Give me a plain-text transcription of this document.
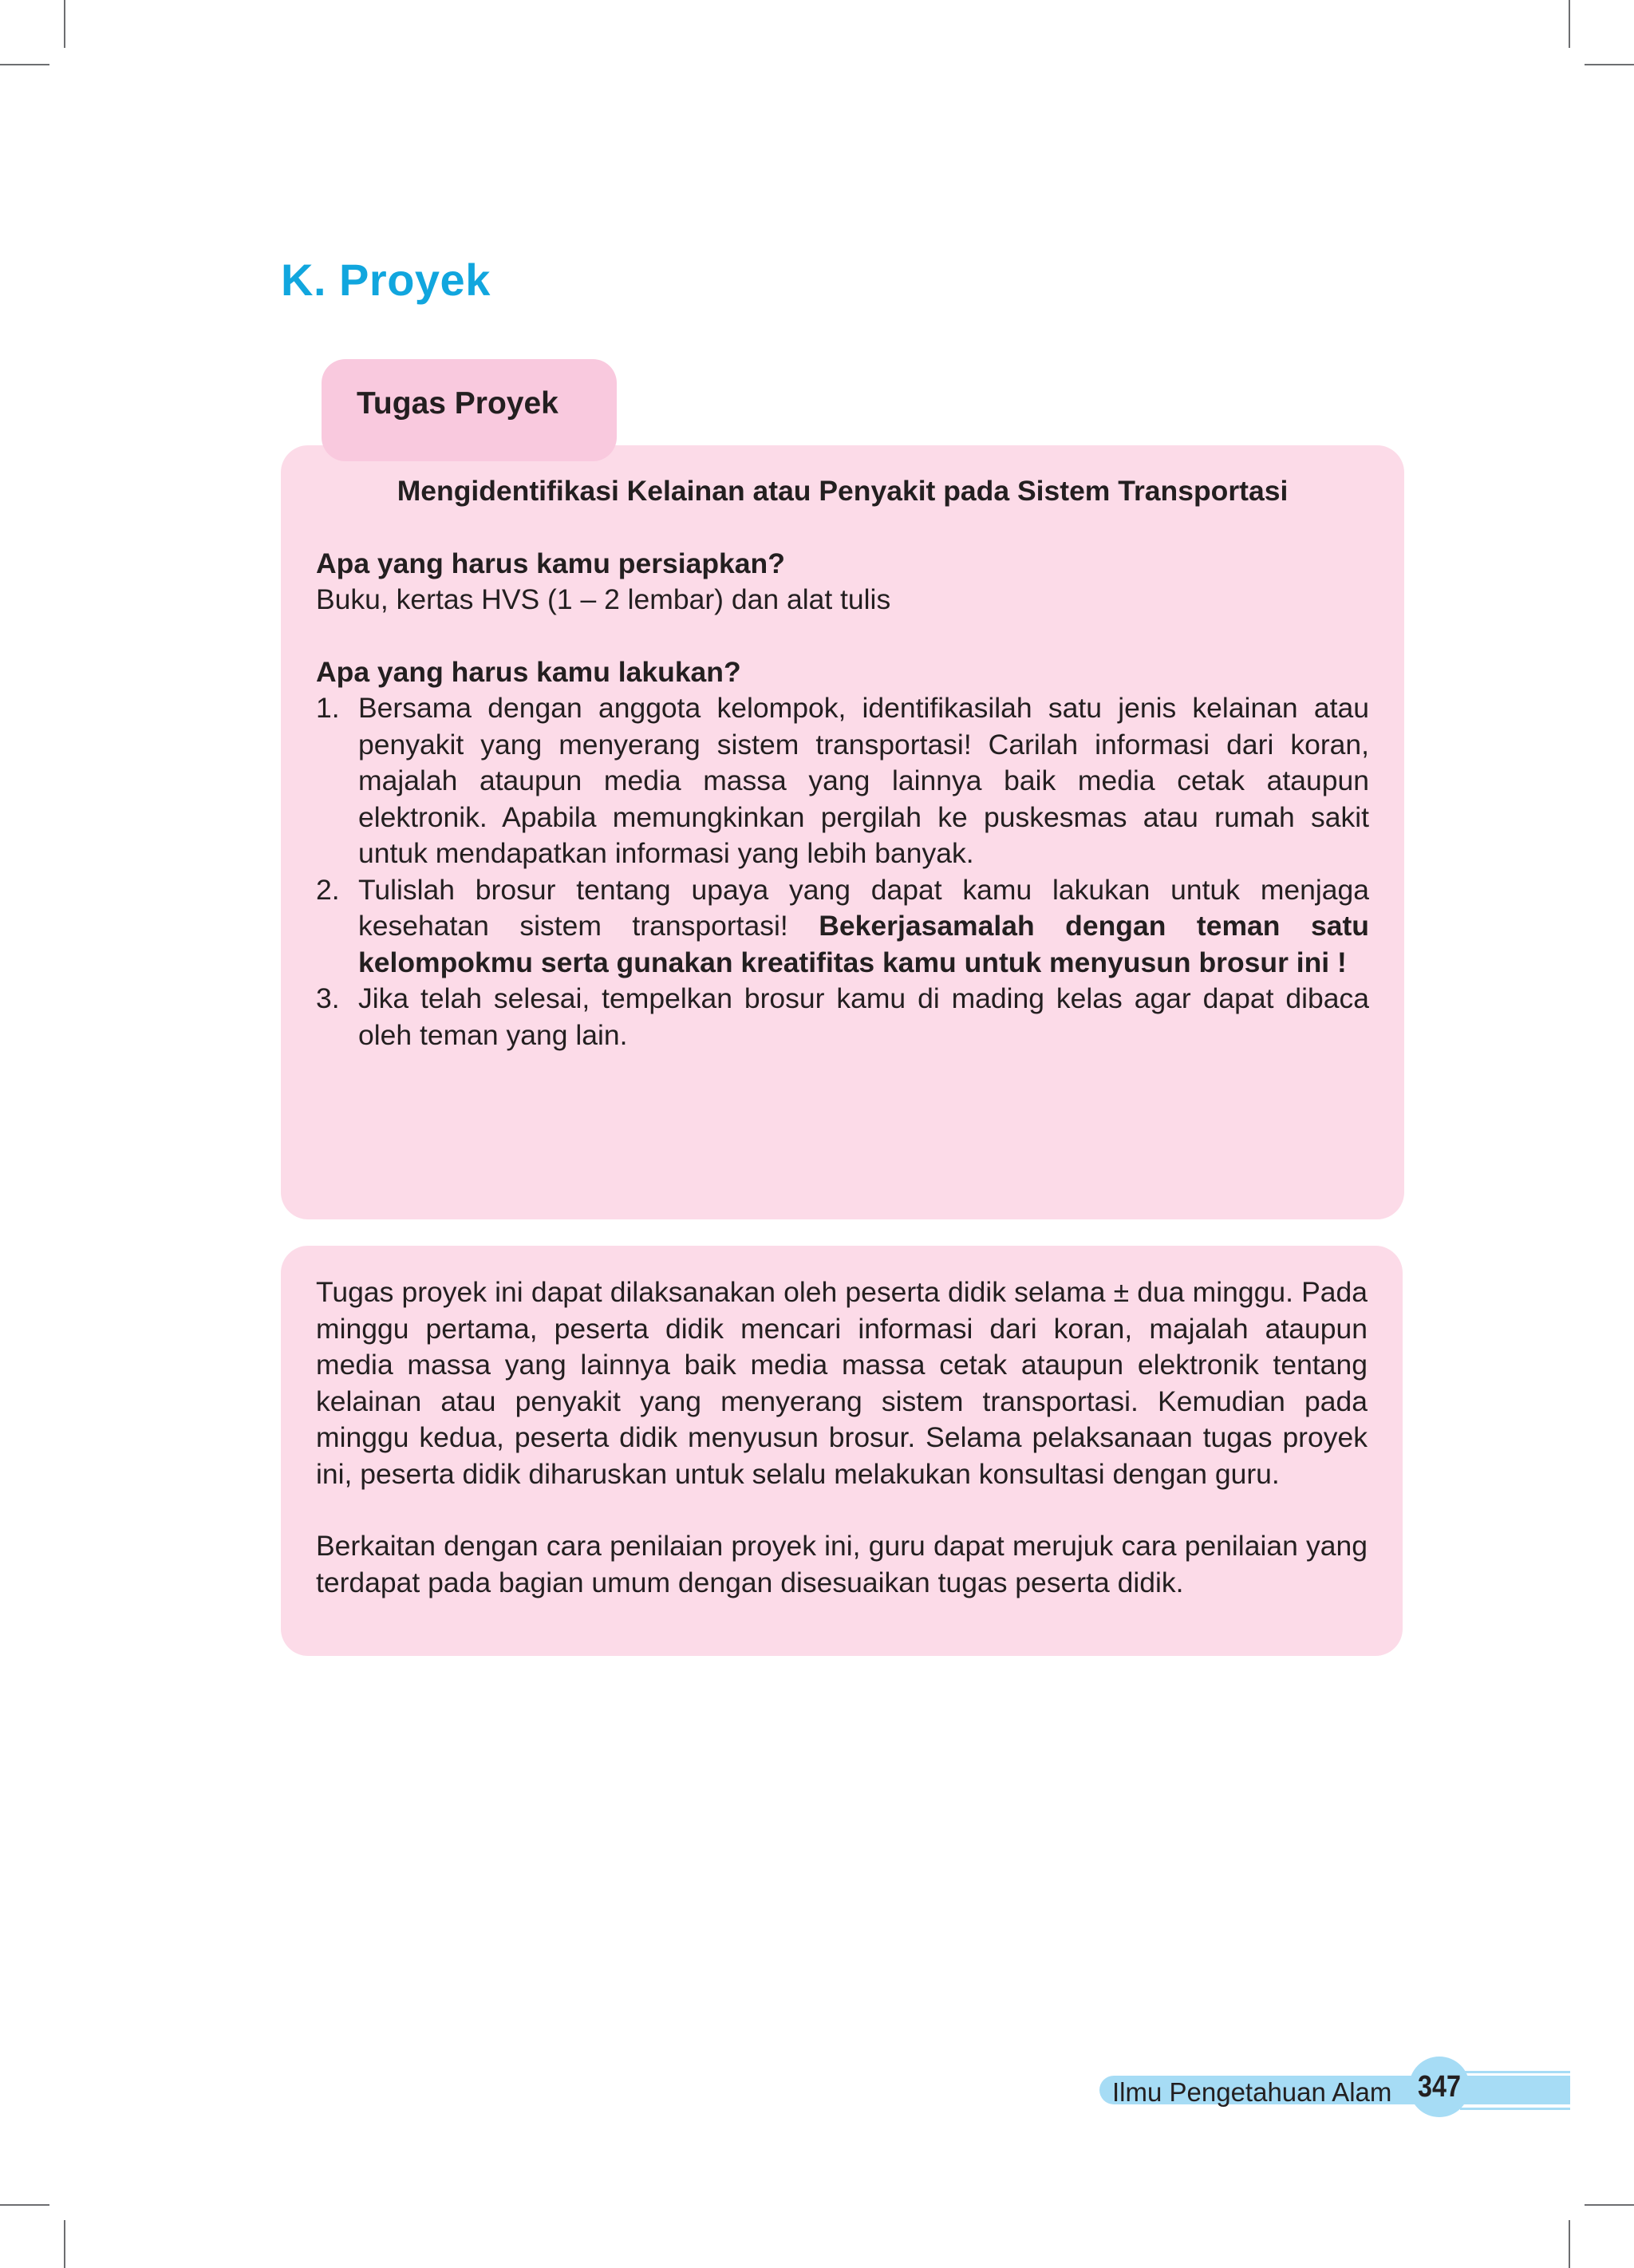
K. Proyek

Mengidentifikasi Kelainan atau Penyakit pada Sistem Transportasi

Apa yang harus kamu persiapkan?

Buku, kertas HVS (1 – 2 lembar) dan alat tulis

Apa yang harus kamu lakukan?

1. Bersama dengan anggota kelompok, identifikasilah satu jenis kelainan atau penyakit yang menyerang sistem transportasi! Carilah informasi dari koran, majalah ataupun media massa yang lainnya baik media cetak ataupun elektronik. Apabila memungkinkan pergilah ke puskesmas atau rumah sakit untuk mendapatkan informasi yang lebih banyak.
2. Tulislah brosur tentang upaya yang dapat kamu lakukan untuk menjaga kesehatan sistem transportasi! Bekerjasamalah dengan teman satu kelompokmu serta gunakan kreatifitas kamu untuk menyusun brosur ini !
3. Jika telah selesai, tempelkan brosur kamu di mading kelas agar dapat dibaca oleh teman yang lain.
Tugas Proyek

Tugas proyek ini dapat dilaksanakan oleh peserta didik selama ± dua minggu. Pada minggu pertama, peserta didik mencari informasi dari koran, majalah ataupun media massa yang lainnya baik media massa cetak ataupun elektronik tentang kelainan atau penyakit yang menyerang sistem transportasi. Kemudian pada minggu kedua, peserta didik menyusun brosur. Selama pelaksanaan tugas proyek ini, peserta didik diharuskan untuk selalu melakukan konsultasi dengan guru.

Berkaitan dengan cara penilaian proyek ini, guru dapat merujuk cara penilaian yang terdapat pada bagian umum dengan disesuaikan tugas peserta didik.

Ilmu Pengetahuan Alam 347
